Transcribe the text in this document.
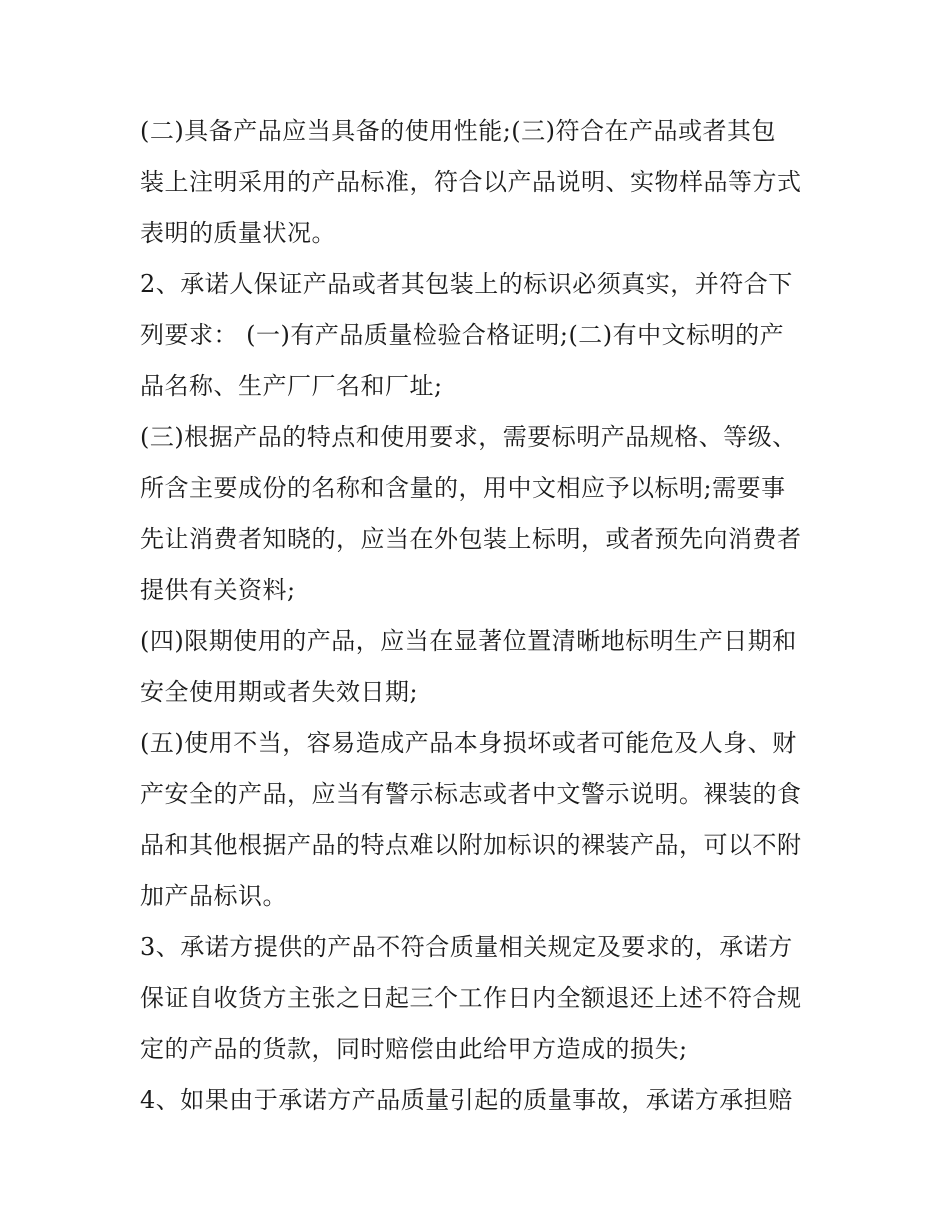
(二)具备产品应当具备的使用性能;(三)符合在产品或者其包
装上注明采用的产品标准，符合以产品说明、实物样品等方式
表明的质量状况。
2、承诺人保证产品或者其包装上的标识必须真实，并符合下
列要求： (一)有产品质量检验合格证明;(二)有中文标明的产
品名称、生产厂厂名和厂址;
(三)根据产品的特点和使用要求，需要标明产品规格、等级、
所含主要成份的名称和含量的，用中文相应予以标明;需要事
先让消费者知晓的，应当在外包装上标明，或者预先向消费者
提供有关资料;
(四)限期使用的产品，应当在显著位置清晰地标明生产日期和
安全使用期或者失效日期;
(五)使用不当，容易造成产品本身损坏或者可能危及人身、财
产安全的产品，应当有警示标志或者中文警示说明。裸装的食
品和其他根据产品的特点难以附加标识的裸装产品，可以不附
加产品标识。
3、承诺方提供的产品不符合质量相关规定及要求的，承诺方
保证自收货方主张之日起三个工作日内全额退还上述不符合规
定的产品的货款，同时赔偿由此给甲方造成的损失;
4、如果由于承诺方产品质量引起的质量事故，承诺方承担赔
